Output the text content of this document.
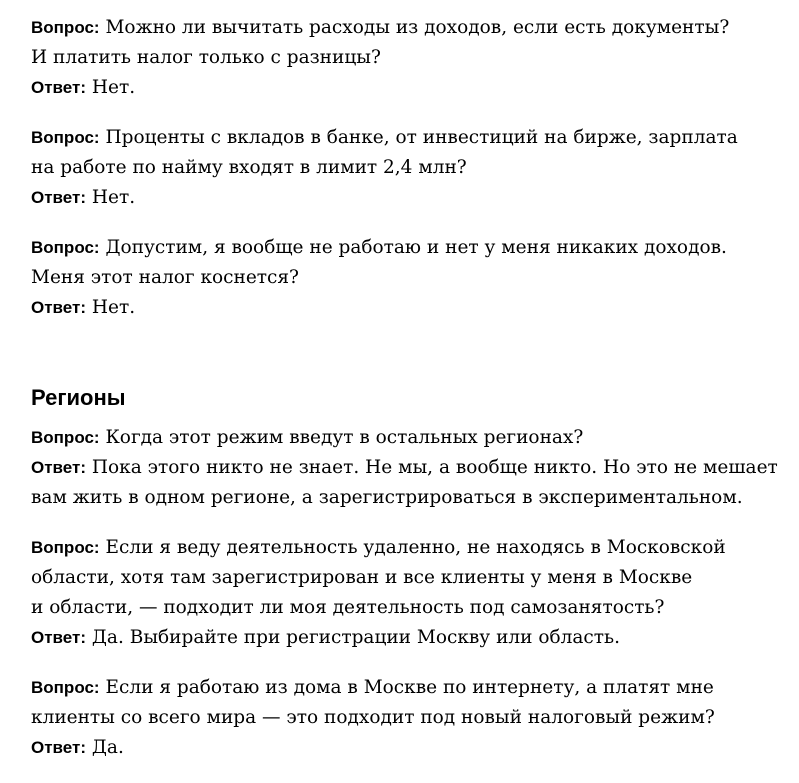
Вопрос: Можно ли вычитать расходы из доходов, если есть документы?
И платить налог только с разницы?
Ответ: Нет.
Вопрос: Проценты с вкладов в банке, от инвестиций на бирже, зарплата
на работе по найму входят в лимит 2,4 млн?
Ответ: Нет.
Вопрос: Допустим, я вообще не работаю и нет у меня никаких доходов.
Меня этот налог коснется?
Ответ: Нет.
Регионы
Вопрос: Когда этот режим введут в остальных регионах?
Ответ: Пока этого никто не знает. Не мы, а вообще никто. Но это не мешает
вам жить в одном регионе, а зарегистрироваться в экспериментальном.
Вопрос: Если я веду деятельность удаленно, не находясь в Московской
области, хотя там зарегистрирован и все клиенты у меня в Москве
и области, — подходит ли моя деятельность под самозанятость?
Ответ: Да. Выбирайте при регистрации Москву или область.
Вопрос: Если я работаю из дома в Москве по интернету, а платят мне
клиенты со всего мира — это подходит под новый налоговый режим?
Ответ: Да.
